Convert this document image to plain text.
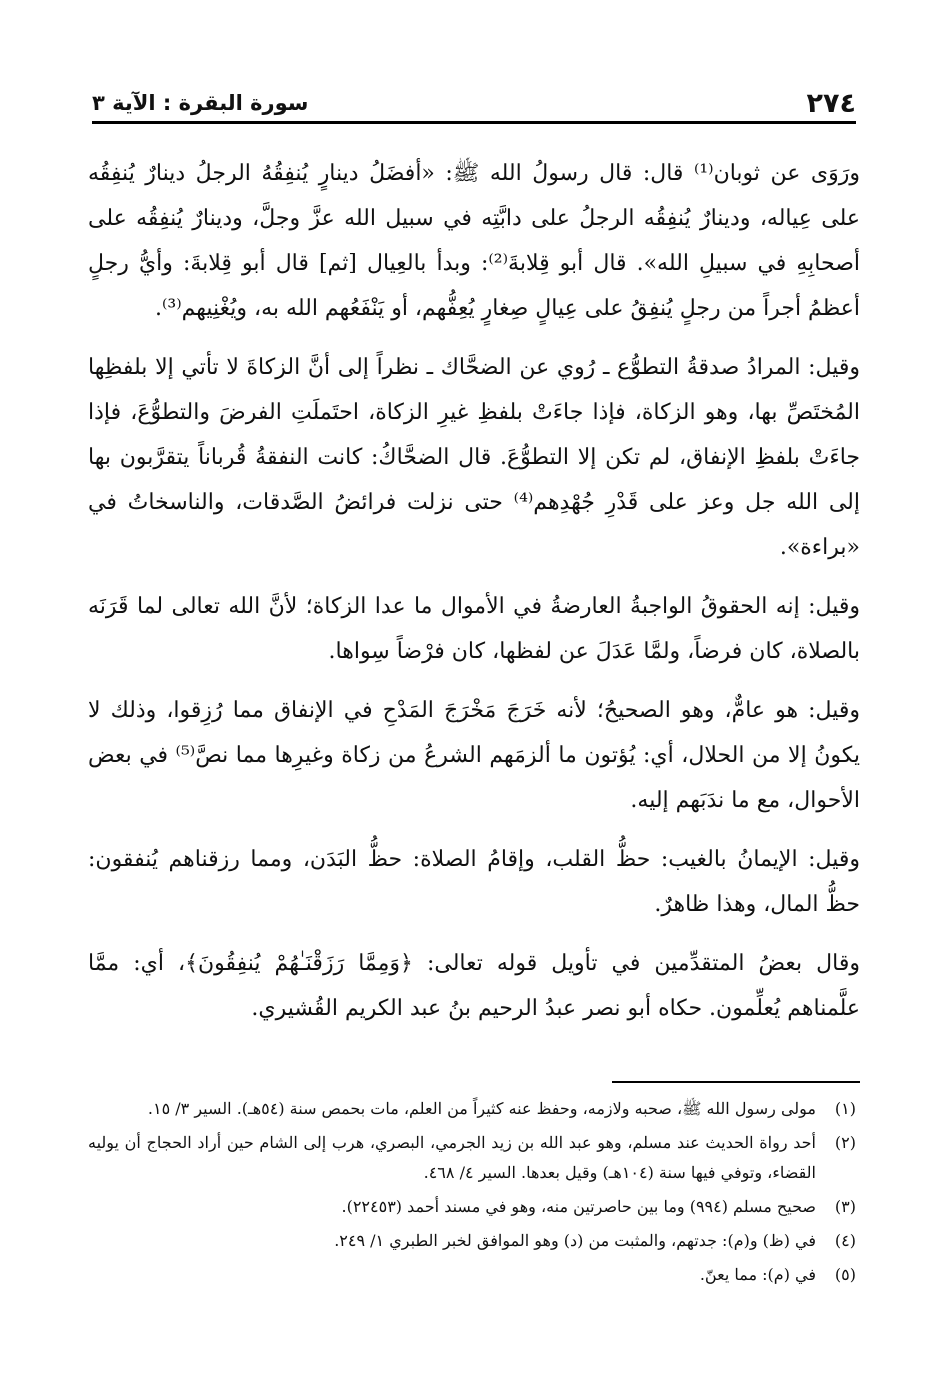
٢٧٤
سورة البقرة : الآية ٣

ورَوَى عن ثوبان⁽¹⁾ قال: قال رسولُ الله ﷺ: «أفضَلُ دينارٍ يُنفِقُهُ الرجلُ دينارٌ يُنفِقُه على عِياله، ودينارٌ يُنفِقُه الرجلُ على دابَّتِه في سبيل الله عزَّ وجلَّ، ودينارٌ يُنفِقُه على أصحابِهِ في سبيلِ الله». قال أبو قِلابةَ⁽²⁾: وبدأ بالعِيال [ثم] قال أبو قِلابةَ: وأيُّ رجلٍ أعظمُ أجراً من رجلٍ يُنفِقُ على عِيالٍ صِغارٍ يُعِفُّهم، أو يَنْفَعُهم الله به، ويُغْنِيهم⁽³⁾.

وقيل: المرادُ صدقةُ التطوُّع ـ رُوي عن الضحَّاك ـ نظراً إلى أنَّ الزكاةَ لا تأتي إلا بلفظِها المُختَصِّ بها، وهو الزكاة، فإذا جاءَتْ بلفظِ غيرِ الزكاة، احتَملَتِ الفرضَ والتطوُّعَ، فإذا جاءَتْ بلفظِ الإنفاق، لم تكن إلا التطوُّعَ. قال الضحَّاكُ: كانت النفقةُ قُرباناً يتقرَّبون بها إلى الله جل وعز على قَدْرِ جُهْدِهم⁽⁴⁾ حتى نزلت فرائضُ الصَّدقات، والناسخاتُ في «براءة».

وقيل: إنه الحقوقُ الواجبةُ العارضةُ في الأموال ما عدا الزكاة؛ لأنَّ الله تعالى لما قَرَنَه بالصلاة، كان فرضاً، ولمَّا عَدَلَ عن لفظها، كان فرْضاً سِواها.

وقيل: هو عامٌّ، وهو الصحيحُ؛ لأنه خَرَجَ مَخْرَجَ المَدْحِ في الإنفاق مما رُزِقوا، وذلك لا يكونُ إلا من الحلال، أي: يُؤتون ما ألزمَهم الشرعُ من زكاة وغيرِها مما نصَّ⁽⁵⁾ في بعض الأحوال، مع ما ندَبَهم إليه.

وقيل: الإيمانُ بالغيب: حظُّ القلب، وإقامُ الصلاة: حظُّ البَدَن، ومما رزقناهم يُنفقون: حظُّ المال، وهذا ظاهرٌ.

وقال بعضُ المتقدِّمين في تأويل قوله تعالى: ﴿وَمِمَّا رَزَقْنَـٰهُمْ يُنفِقُونَ﴾، أي: ممَّا علَّمناهم يُعلِّمون. حكاه أبو نصر عبدُ الرحيم بنُ عبد الكريم القُشيري.

(١)
مولى رسول الله ﷺ، صحبه ولازمه، وحفظ عنه كثيراً من العلم، مات بحمص سنة (٥٤هـ). السير ٣/ ١٥.
(٢)
أحد رواة الحديث عند مسلم، وهو عبد الله بن زيد الجرمي، البصري، هرب إلى الشام حين أراد الحجاج أن يوليه القضاء، وتوفي فيها سنة (١٠٤هـ) وقيل بعدها. السير ٤/ ٤٦٨.
(٣)
صحيح مسلم (٩٩٤) وما بين حاصرتين منه، وهو في مسند أحمد (٢٢٤٥٣).
(٤)
في (ظ) و(م): جدتهم، والمثبت من (د) وهو الموافق لخبر الطبري ١/ ٢٤٩.
(٥)
في (م): مما يعنّ.
